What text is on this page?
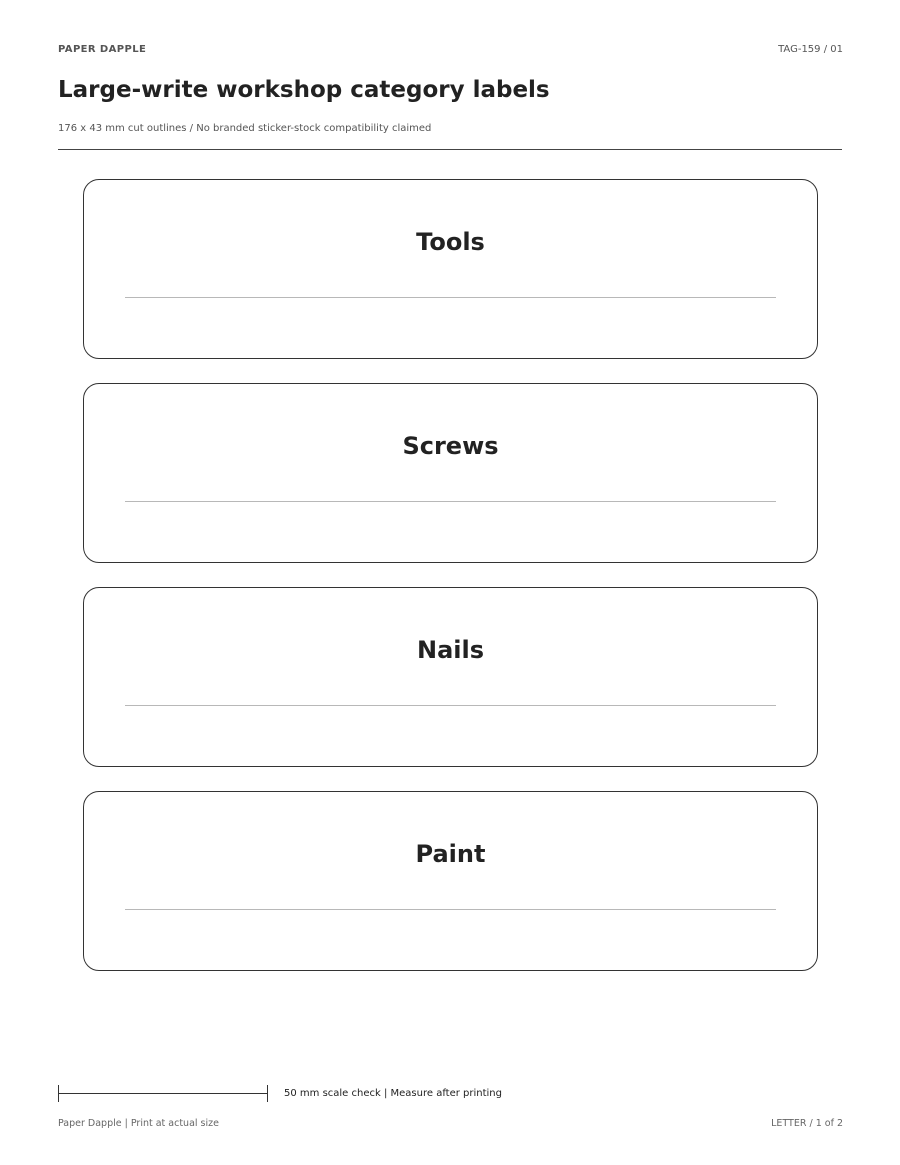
PAPER DAPPLE	TAG-159 / 01
Large-write workshop category labels
176 x 43 mm cut outlines / No branded sticker-stock compatibility claimed
Tools
Screws
Nails
Paint
50 mm scale check | Measure after printing
Paper Dapple | Print at actual size	LETTER / 1 of 2
